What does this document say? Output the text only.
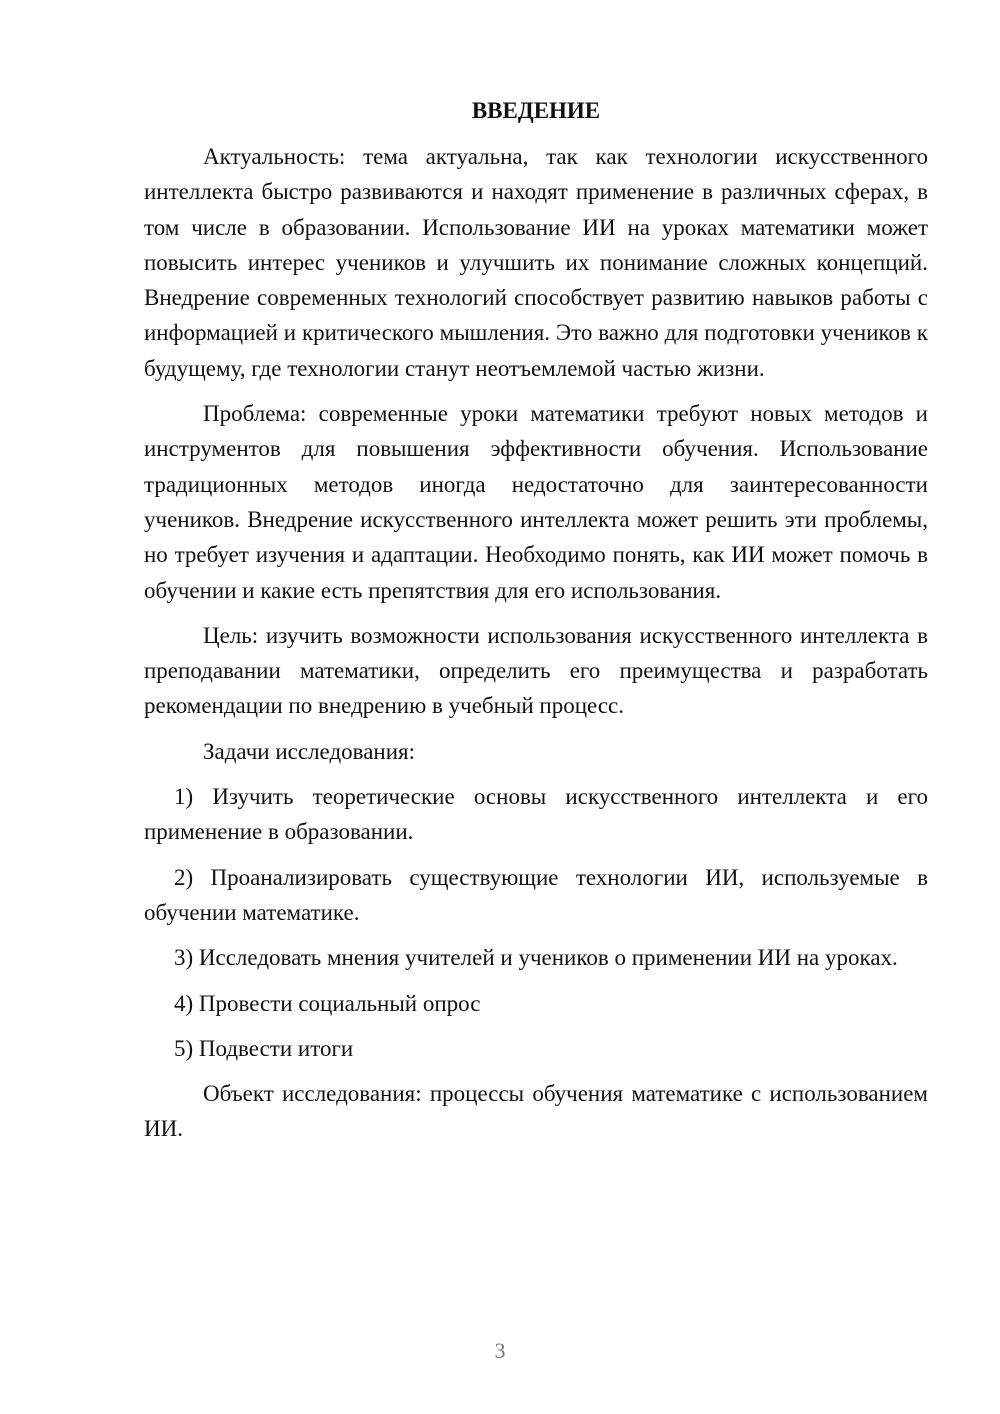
ВВЕДЕНИЕ

Актуальность: тема актуальна, так как технологии искусственного интеллекта быстро развиваются и находят применение в различных сферах, в том числе в образовании. Использование ИИ на уроках математики может повысить интерес учеников и улучшить их понимание сложных концепций. Внедрение современных технологий способствует развитию навыков работы с информацией и критического мышления. Это важно для подготовки учеников к будущему, где технологии станут неотъемлемой частью жизни.

Проблема: современные уроки математики требуют новых методов и инструментов для повышения эффективности обучения. Использование традиционных методов иногда недостаточно для заинтересованности учеников. Внедрение искусственного интеллекта может решить эти проблемы, но требует изучения и адаптации. Необходимо понять, как ИИ может помочь в обучении и какие есть препятствия для его использования.

Цель: изучить возможности использования искусственного интеллекта в преподавании математики, определить его преимущества и разработать рекомендации по внедрению в учебный процесс.

Задачи исследования:

1) Изучить теоретические основы искусственного интеллекта и его применение в образовании.

2) Проанализировать существующие технологии ИИ, используемые в обучении математике.

3) Исследовать мнения учителей и учеников о применении ИИ на уроках.

4) Провести социальный опрос

5) Подвести итоги

Объект исследования: процессы обучения математике с использованием ИИ.

3
